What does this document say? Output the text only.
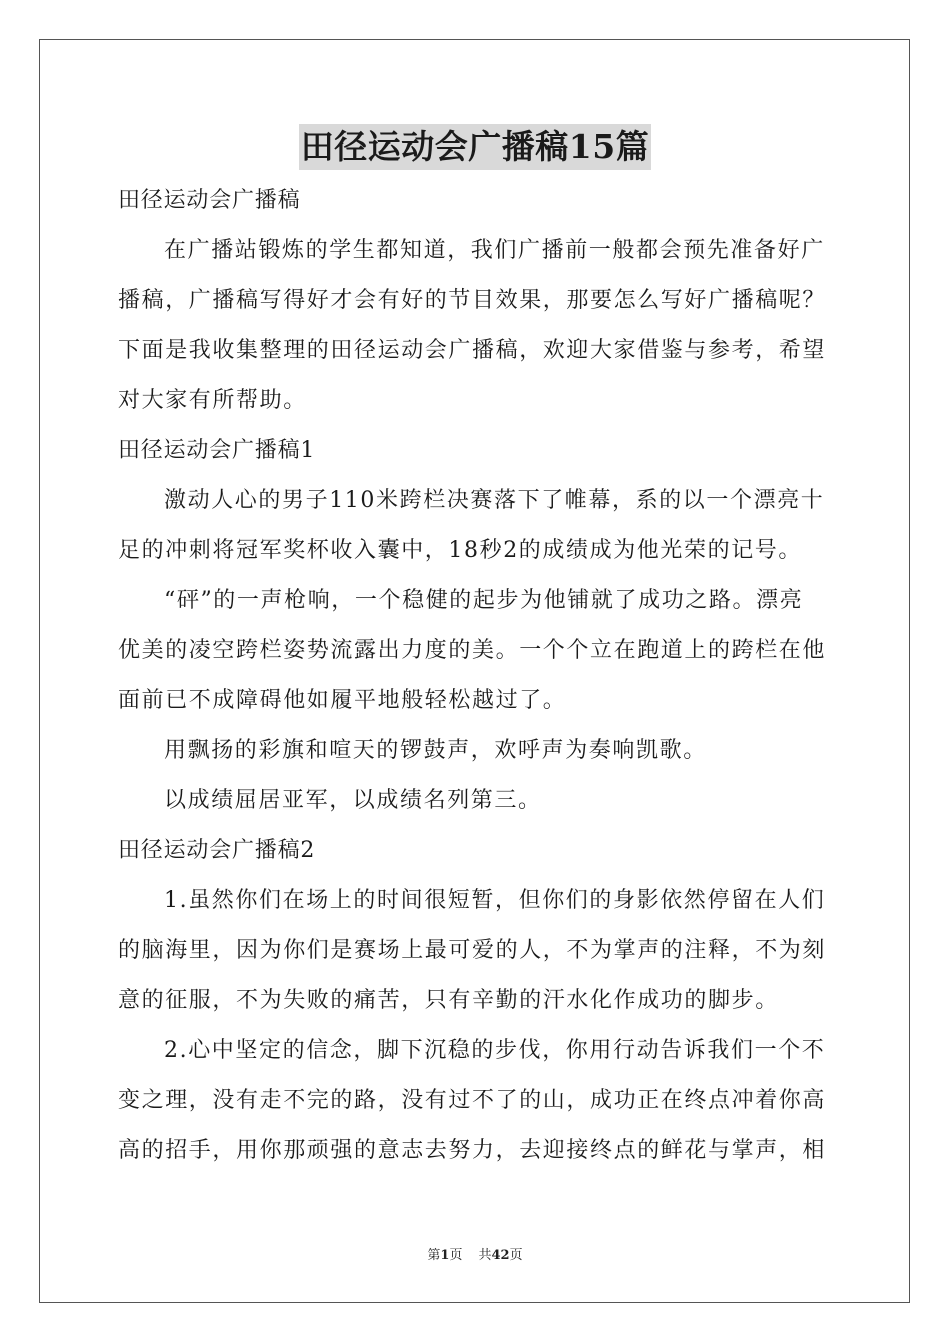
田径运动会广播稿15篇
田径运动会广播稿
在广播站锻炼的学生都知道，我们广播前一般都会预先准备好广
播稿，广播稿写得好才会有好的节目效果，那要怎么写好广播稿呢？
下面是我收集整理的田径运动会广播稿，欢迎大家借鉴与参考，希望
对大家有所帮助。
田径运动会广播稿1
激动人心的男子110米跨栏决赛落下了帷幕，系的以一个漂亮十
足的冲刺将冠军奖杯收入囊中，18秒2的成绩成为他光荣的记号。
“砰”的一声枪响，一个稳健的起步为他铺就了成功之路。漂亮
优美的凌空跨栏姿势流露出力度的美。一个个立在跑道上的跨栏在他
面前已不成障碍他如履平地般轻松越过了。
用飘扬的彩旗和喧天的锣鼓声，欢呼声为奏响凯歌。
以成绩屈居亚军，以成绩名列第三。
田径运动会广播稿2
1.虽然你们在场上的时间很短暂，但你们的身影依然停留在人们
的脑海里，因为你们是赛场上最可爱的人，不为掌声的注释，不为刻
意的征服，不为失败的痛苦，只有辛勤的汗水化作成功的脚步。
2.心中坚定的信念，脚下沉稳的步伐，你用行动告诉我们一个不
变之理，没有走不完的路，没有过不了的山，成功正在终点冲着你高
高的招手，用你那顽强的意志去努力，去迎接终点的鲜花与掌声，相
第1页 共42页
